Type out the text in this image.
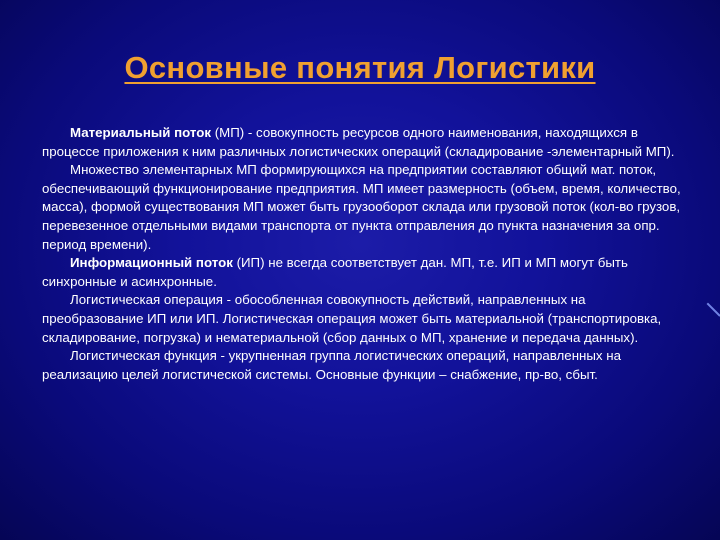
Основные понятия Логистики

Материальный поток (МП) - совокупность ресурсов одного наименования, находящихся в процессе приложения к ним различных логистических операций (складирование -элементарный МП).

Множество элементарных МП формирующихся на предприятии составляют общий мат. поток, обеспечивающий функционирование предприятия. МП имеет размерность (объем, время, количество, масса), формой существования МП может быть грузооборот склада или грузовой поток (кол-во грузов, перевезенное отдельными видами транспорта от пункта отправления до пункта назначения за опр. период времени).

Информационный поток (ИП) не всегда соответствует дан. МП, т.е. ИП и МП могут быть синхронные и асинхронные.

Логистическая операция - обособленная совокупность действий, направленных на преобразование ИП или ИП. Логистическая операция может быть материальной (транспортировка, складирование, погрузка) и нематериальной (сбор данных о МП, хранение и передача данных).

Логистическая функция - укрупненная группа логистических операций, направленных на реализацию целей логистической системы. Основные функции – снабжение, пр-во, сбыт.
